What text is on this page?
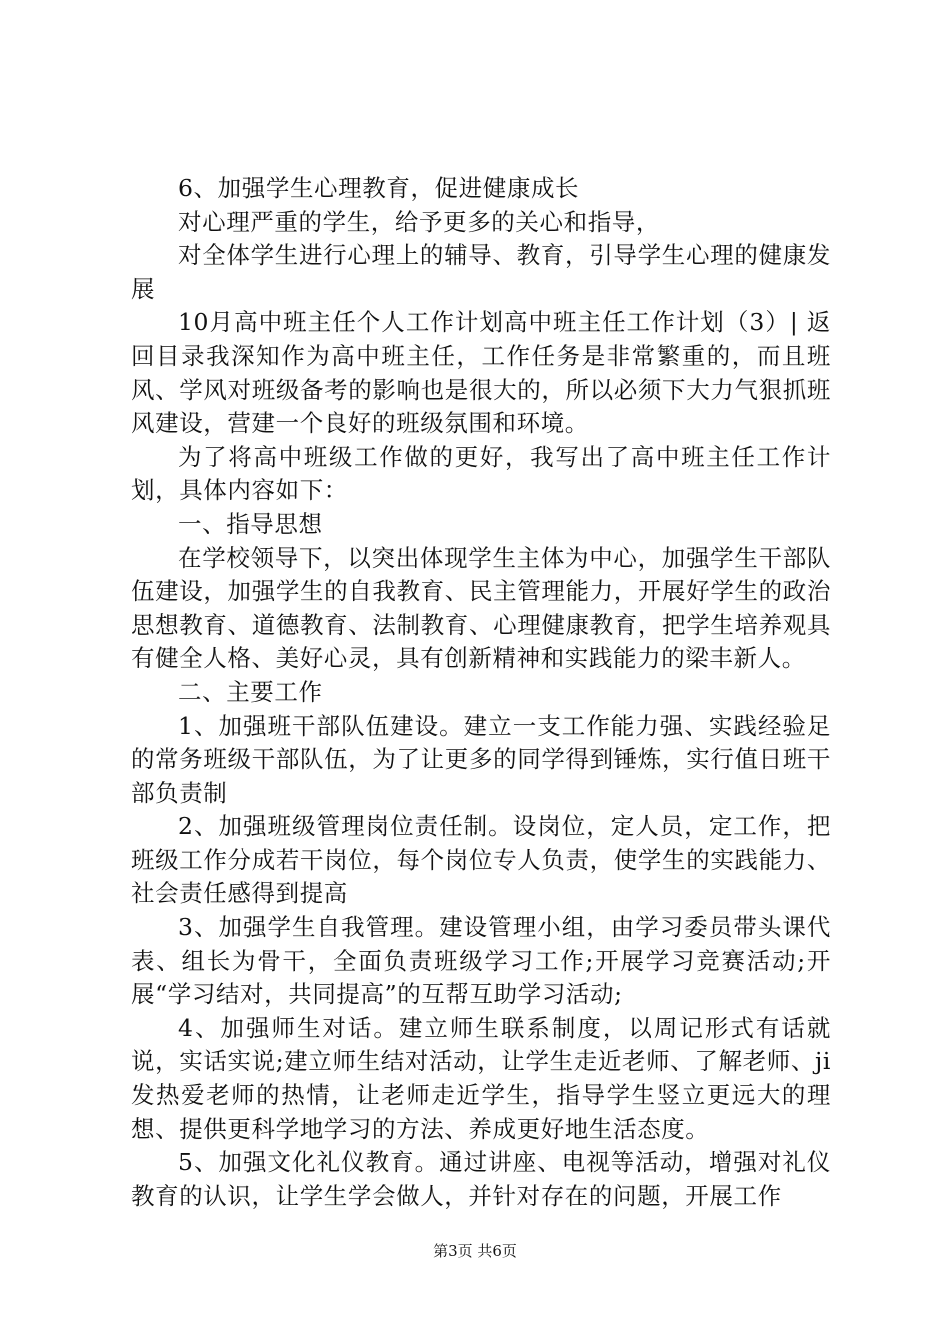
6、加强学生心理教育，促进健康成长

对心理严重的学生，给予更多的关心和指导，

对全体学生进行心理上的辅导、教育，引导学生心理的健康发展

10月高中班主任个人工作计划高中班主任工作计划（3）| 返回目录我深知作为高中班主任，工作任务是非常繁重的，而且班风、学风对班级备考的影响也是很大的，所以必须下大力气狠抓班风建设，营建一个良好的班级氛围和环境。

为了将高中班级工作做的更好，我写出了高中班主任工作计划，具体内容如下：

一、指导思想

在学校领导下，以突出体现学生主体为中心，加强学生干部队伍建设，加强学生的自我教育、民主管理能力，开展好学生的政治思想教育、道德教育、法制教育、心理健康教育，把学生培养观具有健全人格、美好心灵，具有创新精神和实践能力的梁丰新人。

二、主要工作

1、加强班干部队伍建设。建立一支工作能力强、实践经验足的常务班级干部队伍，为了让更多的同学得到锤炼，实行值日班干部负责制

2、加强班级管理岗位责任制。设岗位，定人员，定工作，把班级工作分成若干岗位，每个岗位专人负责，使学生的实践能力、社会责任感得到提高

3、加强学生自我管理。建设管理小组，由学习委员带头课代表、组长为骨干，全面负责班级学习工作;开展学习竞赛活动;开展“学习结对，共同提高”的互帮互助学习活动;

4、加强师生对话。建立师生联系制度，以周记形式有话就说，实话实说;建立师生结对活动，让学生走近老师、了解老师、ji 发热爱老师的热情，让老师走近学生，指导学生竖立更远大的理想、提供更科学地学习的方法、养成更好地生活态度。

5、加强文化礼仪教育。通过讲座、电视等活动，增强对礼仪教育的认识，让学生学会做人，并针对存在的问题，开展工作

第3页 共6页
